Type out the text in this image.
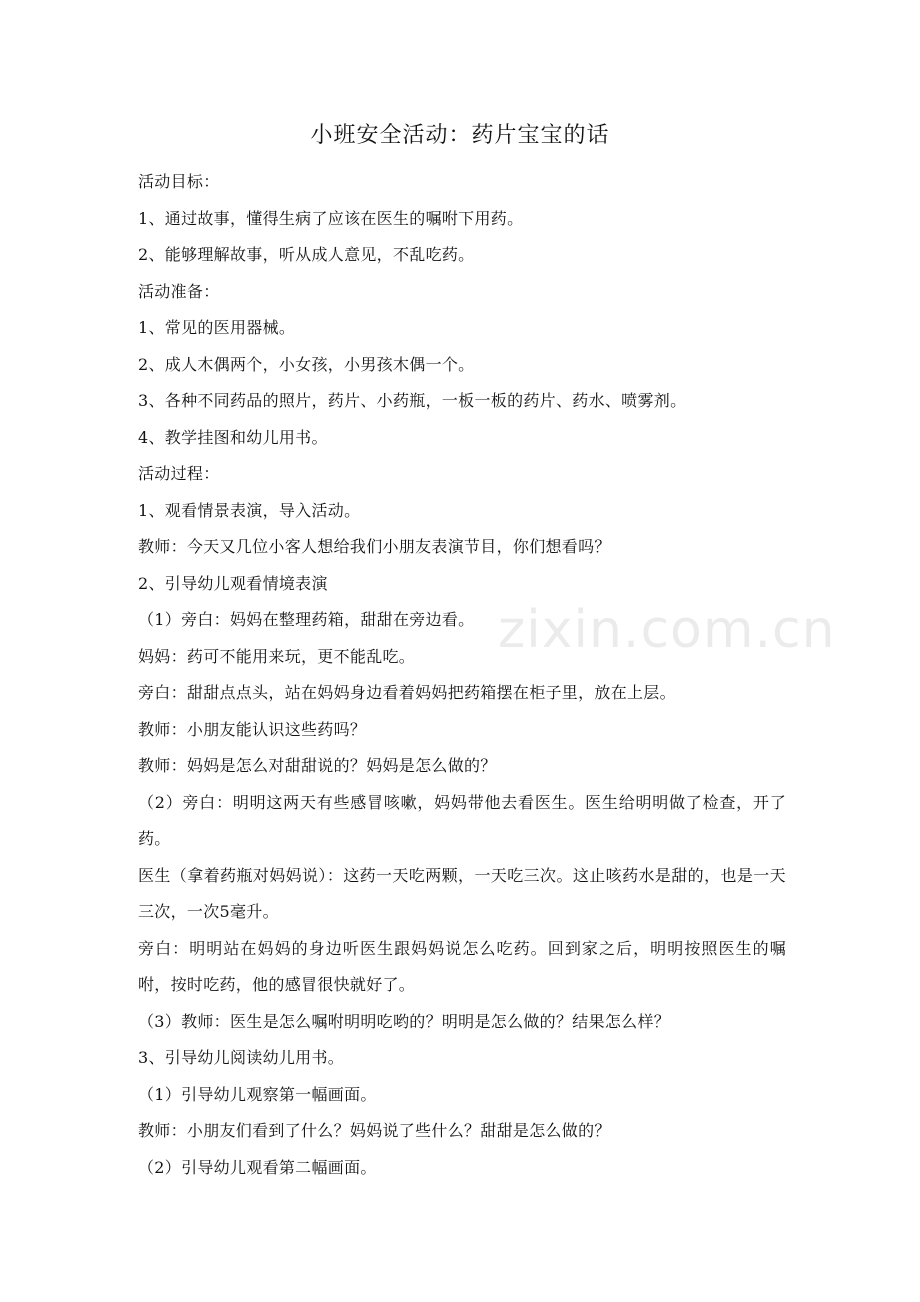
小班安全活动：药片宝宝的话

活动目标：

1、通过故事，懂得生病了应该在医生的嘱咐下用药。

2、能够理解故事，听从成人意见，不乱吃药。

活动准备：

1、常见的医用器械。

2、成人木偶两个，小女孩，小男孩木偶一个。

3、各种不同药品的照片，药片、小药瓶，一板一板的药片、药水、喷雾剂。

4、教学挂图和幼儿用书。

活动过程：

1、观看情景表演，导入活动。

教师：今天又几位小客人想给我们小朋友表演节目，你们想看吗？

2、引导幼儿观看情境表演

（1）旁白：妈妈在整理药箱，甜甜在旁边看。

妈妈：药可不能用来玩，更不能乱吃。

旁白：甜甜点点头，站在妈妈身边看着妈妈把药箱摆在柜子里，放在上层。

教师：小朋友能认识这些药吗？

教师：妈妈是怎么对甜甜说的？妈妈是怎么做的？

（2）旁白：明明这两天有些感冒咳嗽，妈妈带他去看医生。医生给明明做了检查，开了药。

医生（拿着药瓶对妈妈说）：这药一天吃两颗，一天吃三次。这止咳药水是甜的，也是一天三次，一次5毫升。

旁白：明明站在妈妈的身边听医生跟妈妈说怎么吃药。回到家之后，明明按照医生的嘱咐，按时吃药，他的感冒很快就好了。

（3）教师：医生是怎么嘱咐明明吃哟的？明明是怎么做的？结果怎么样？

3、引导幼儿阅读幼儿用书。

（1）引导幼儿观察第一幅画面。

教师：小朋友们看到了什么？妈妈说了些什么？甜甜是怎么做的？

（2）引导幼儿观看第二幅画面。

zixin.com.cn
